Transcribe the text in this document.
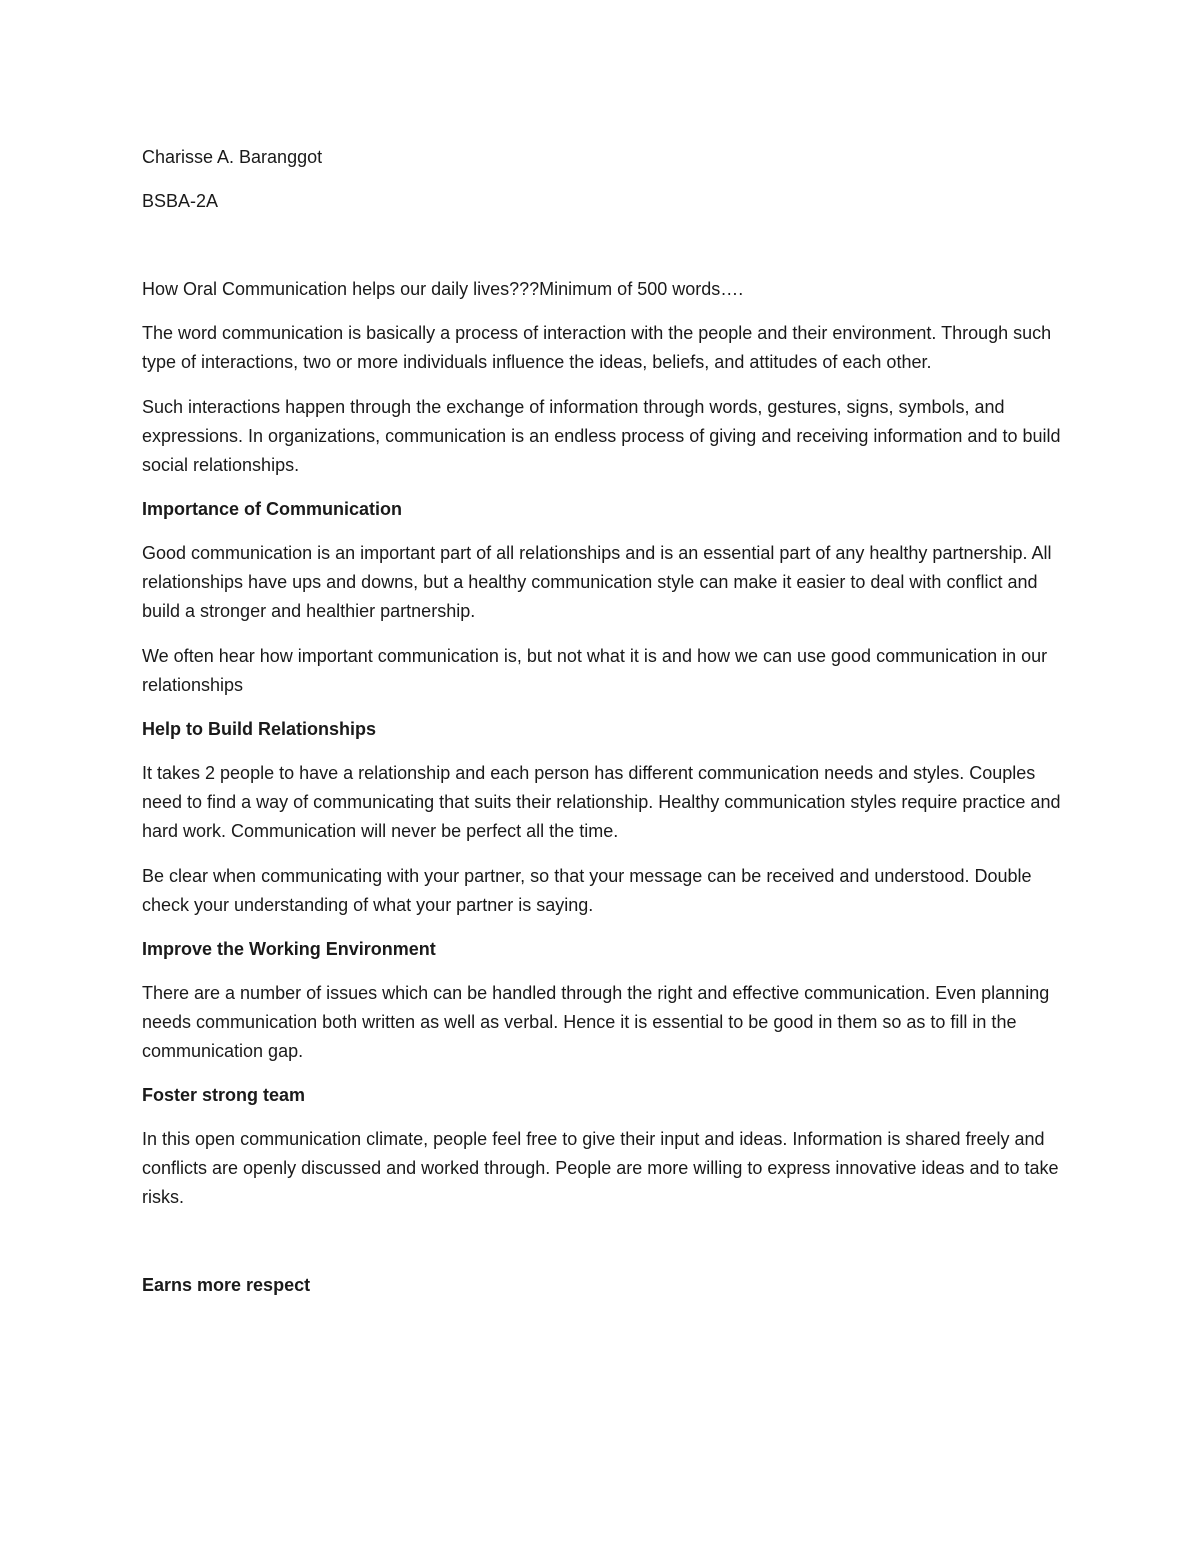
Charisse A. Baranggot

BSBA-2A

How Oral Communication helps our daily lives???Minimum of 500 words….

The word communication is basically a process of interaction with the people and their environment. Through such type of interactions, two or more individuals influence the ideas, beliefs, and attitudes of each other.

Such interactions happen through the exchange of information through words, gestures, signs, symbols, and expressions. In organizations, communication is an endless process of giving and receiving information and to build social relationships.

Importance of Communication

Good communication is an important part of all relationships and is an essential part of any healthy partnership. All relationships have ups and downs, but a healthy communication style can make it easier to deal with conflict and build a stronger and healthier partnership.

We often hear how important communication is, but not what it is and how we can use good communication in our relationships

Help to Build Relationships

It takes 2 people to have a relationship and each person has different communication needs and styles. Couples need to find a way of communicating that suits their relationship. Healthy communication styles require practice and hard work. Communication will never be perfect all the time.

Be clear when communicating with your partner, so that your message can be received and understood. Double check your understanding of what your partner is saying.

Improve the Working Environment

There are a number of issues which can be handled through the right and effective communication. Even planning needs communication both written as well as verbal. Hence it is essential to be good in them so as to fill in the communication gap.

Foster strong team

In this open communication climate, people feel free to give their input and ideas. Information is shared freely and conflicts are openly discussed and worked through. People are more willing to express innovative ideas and to take risks.

Earns more respect
